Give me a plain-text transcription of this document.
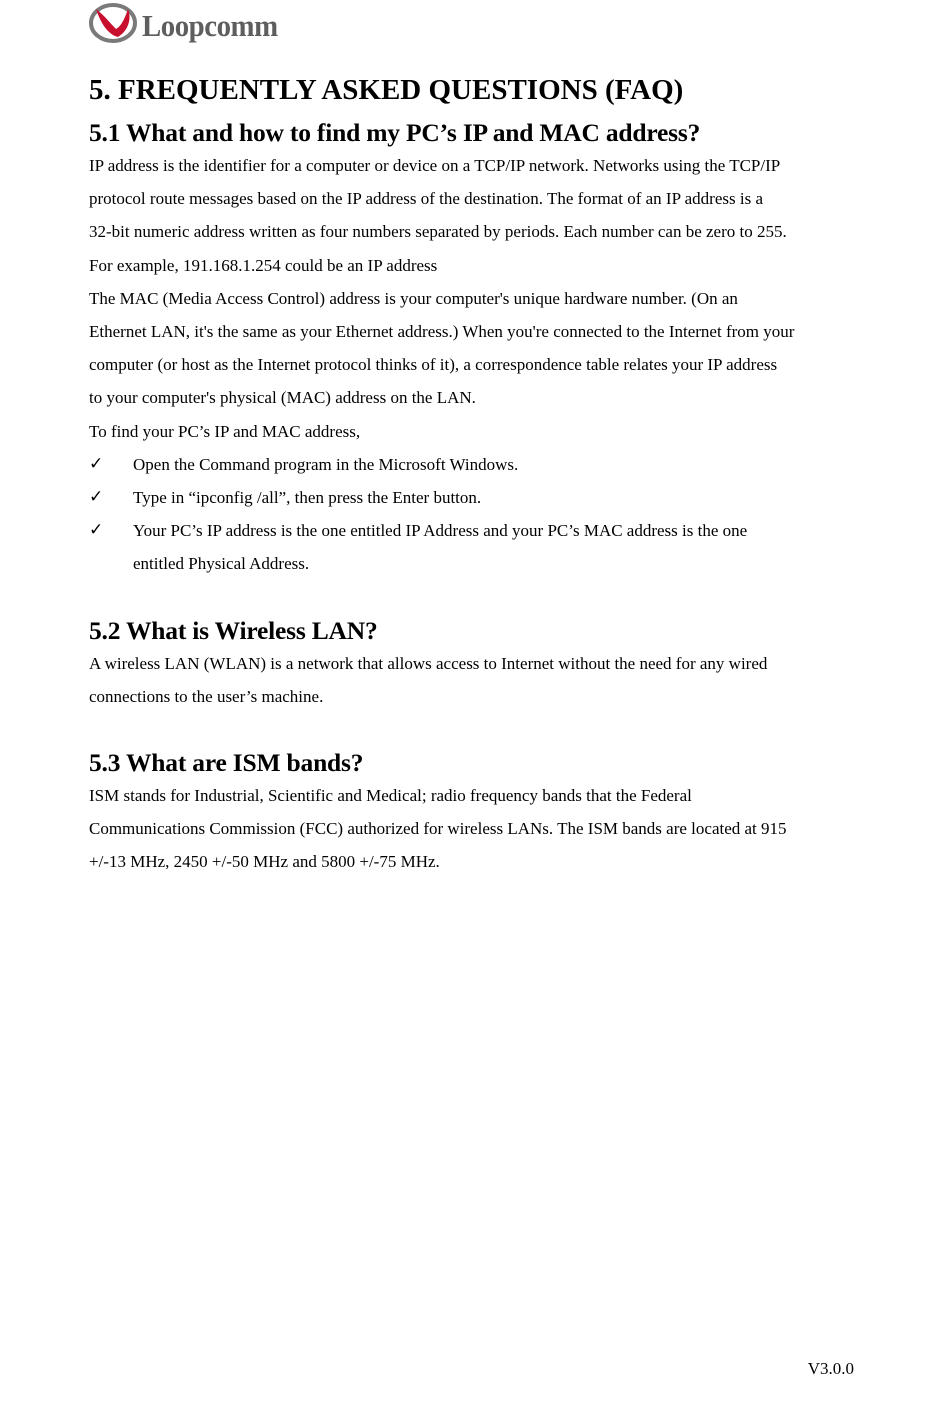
Loopcomm
5. FREQUENTLY ASKED QUESTIONS (FAQ)
5.1 What and how to find my PC’s IP and MAC address?
IP address is the identifier for a computer or device on a TCP/IP network. Networks using the TCP/IP
protocol route messages based on the IP address of the destination. The format of an IP address is a
32-bit numeric address written as four numbers separated by periods. Each number can be zero to 255.
For example, 191.168.1.254 could be an IP address
The MAC (Media Access Control) address is your computer's unique hardware number. (On an
Ethernet LAN, it's the same as your Ethernet address.) When you're connected to the Internet from your
computer (or host as the Internet protocol thinks of it), a correspondence table relates your IP address
to your computer's physical (MAC) address on the LAN.
To find your PC’s IP and MAC address,
✓	Open the Command program in the Microsoft Windows.
✓	Type in “ipconfig /all”, then press the Enter button.
✓	Your PC’s IP address is the one entitled IP Address and your PC’s MAC address is the one
entitled Physical Address.
5.2 What is Wireless LAN?
A wireless LAN (WLAN) is a network that allows access to Internet without the need for any wired
connections to the user’s machine.
5.3 What are ISM bands?
ISM stands for Industrial, Scientific and Medical; radio frequency bands that the Federal
Communications Commission (FCC) authorized for wireless LANs. The ISM bands are located at 915
+/-13 MHz, 2450 +/-50 MHz and 5800 +/-75 MHz.
V3.0.0
